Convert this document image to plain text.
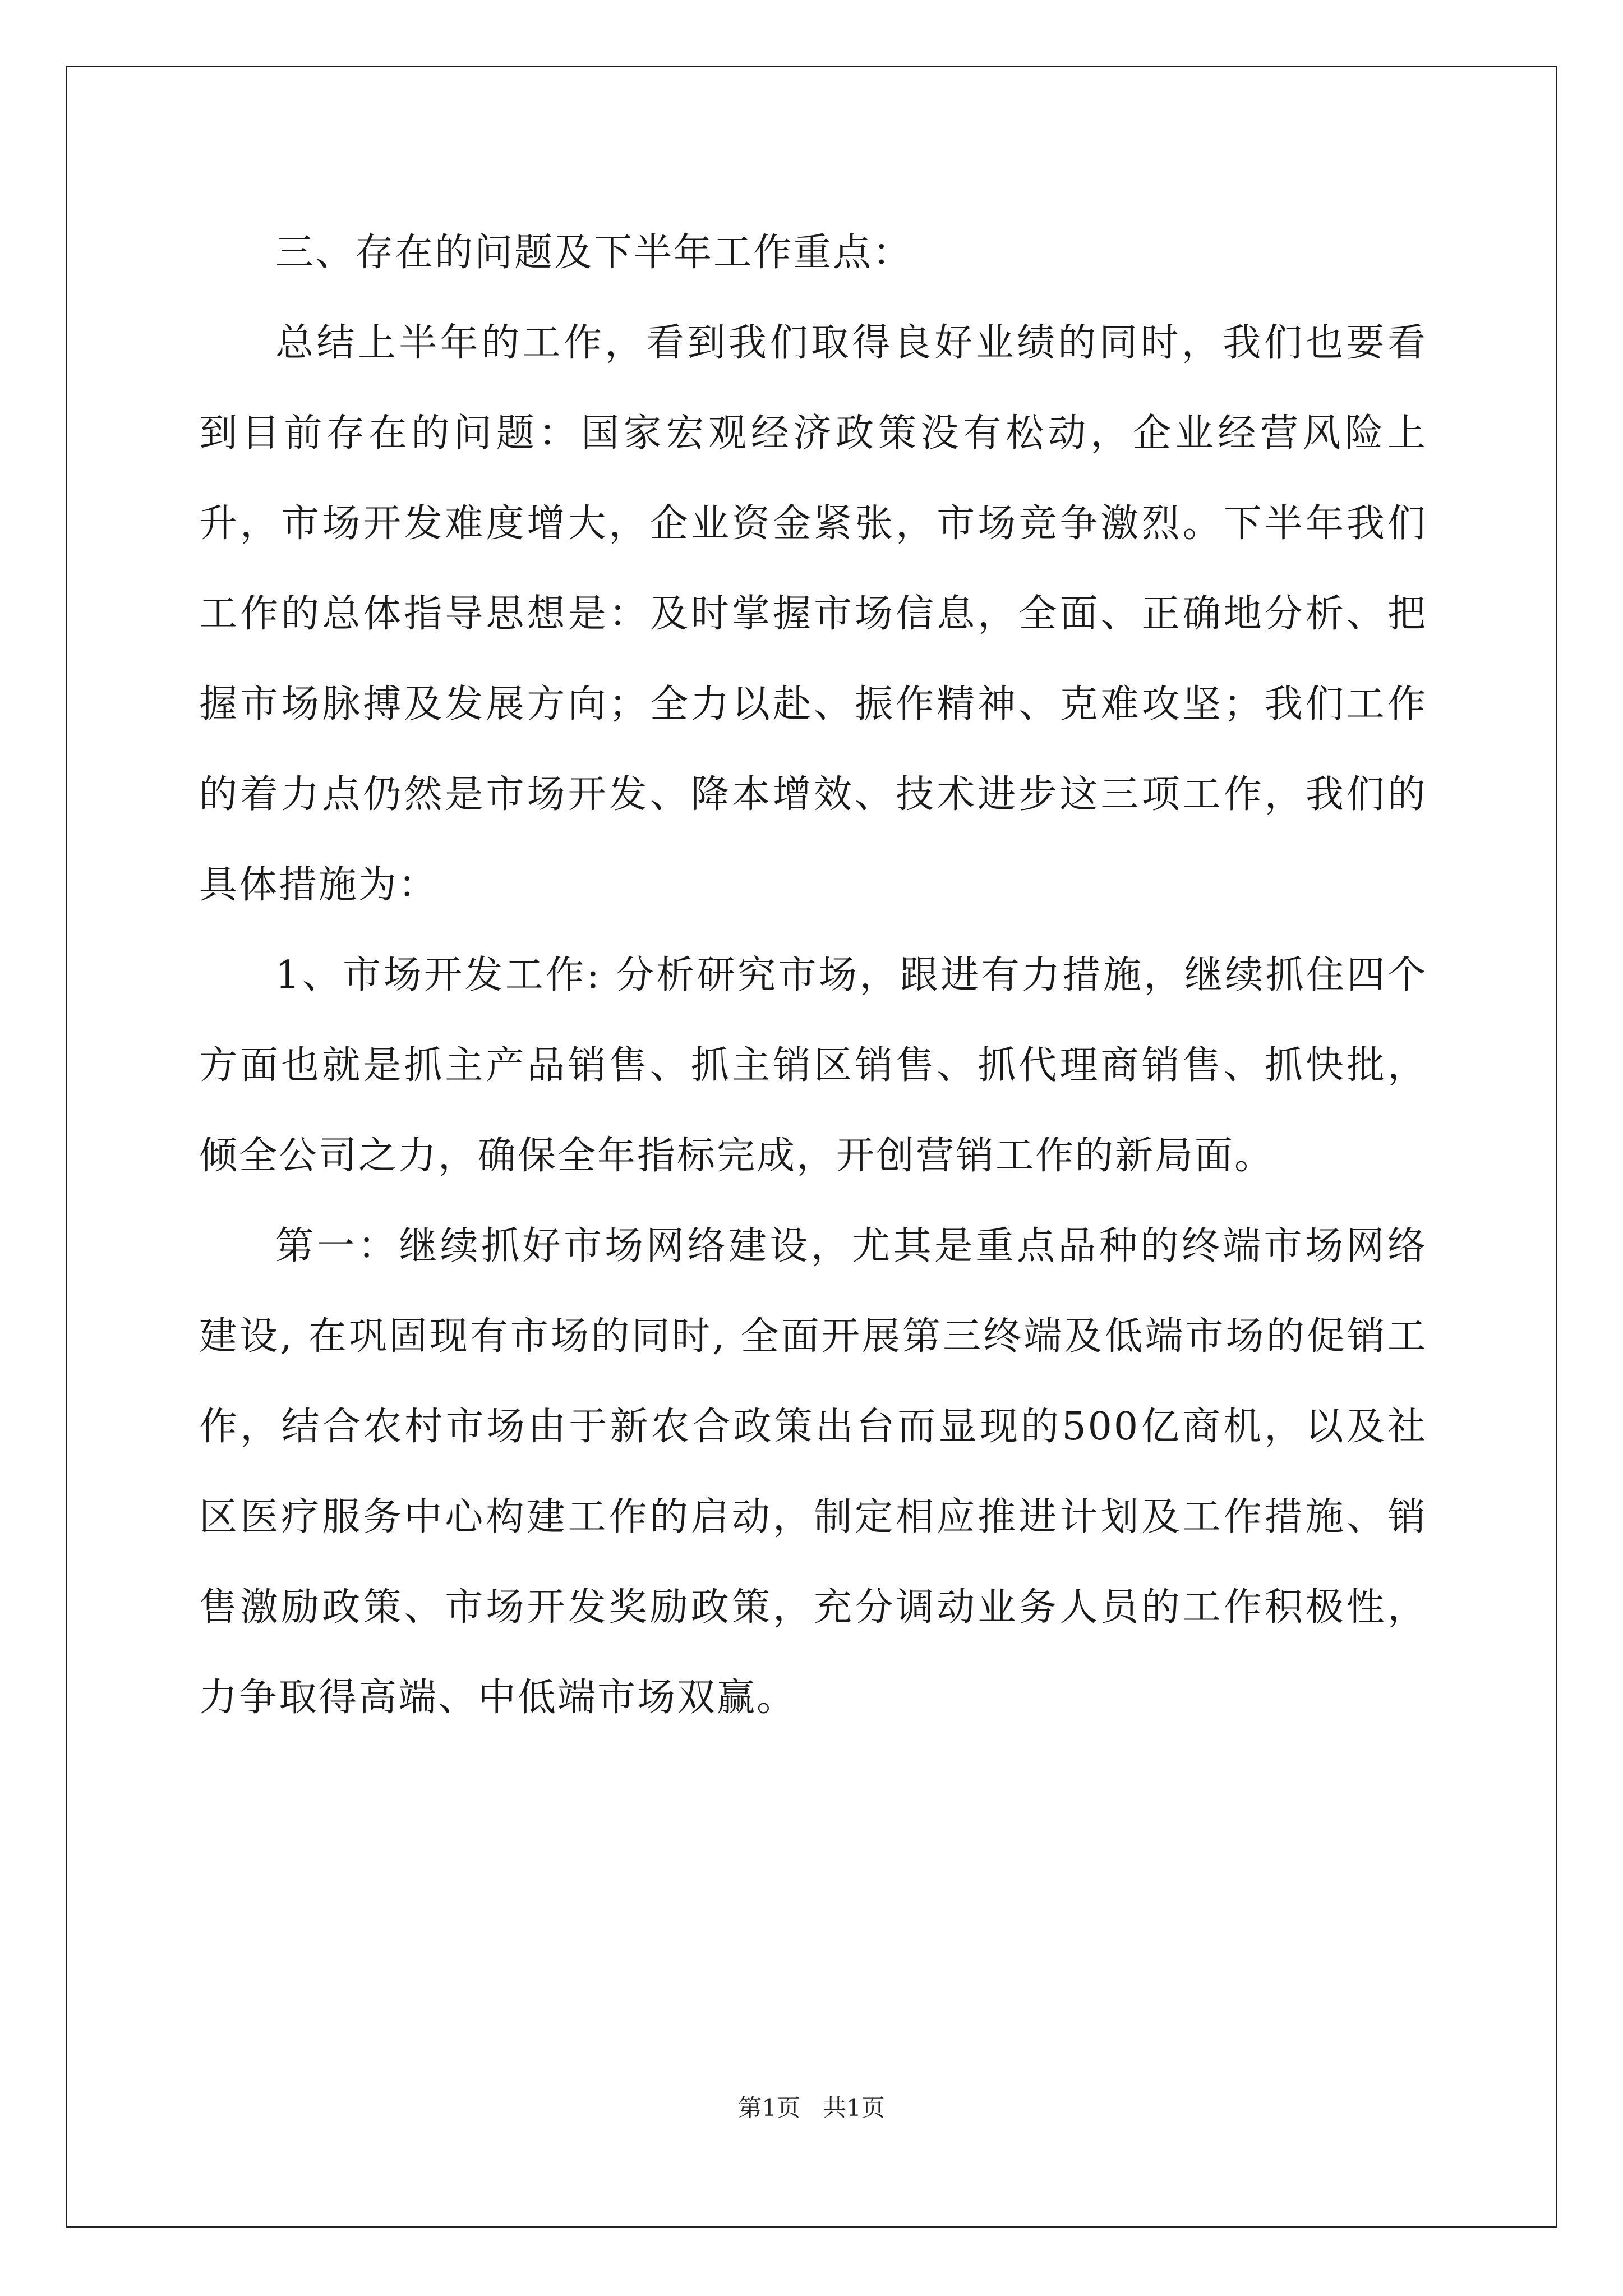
三、存在的问题及下半年工作重点：

总结上半年的工作，看到我们取得良好业绩的同时，我们也要看到目前存在的问题：国家宏观经济政策没有松动，企业经营风险上升，市场开发难度增大，企业资金紧张，市场竞争激烈。下半年我们工作的总体指导思想是：及时掌握市场信息，全面、正确地分析、把握市场脉搏及发展方向；全力以赴、振作精神、克难攻坚；我们工作的着力点仍然是市场开发、降本增效、技术进步这三项工作，我们的具体措施为：

1、市场开发工作: 分析研究市场，跟进有力措施，继续抓住四个方面也就是抓主产品销售、抓主销区销售、抓代理商销售、抓快批，倾全公司之力，确保全年指标完成，开创营销工作的新局面。

第一：继续抓好市场网络建设，尤其是重点品种的终端市场网络建设, 在巩固现有市场的同时, 全面开展第三终端及低端市场的促销工作，结合农村市场由于新农合政策出台而显现的500亿商机，以及社区医疗服务中心构建工作的启动，制定相应推进计划及工作措施、销售激励政策、市场开发奖励政策，充分调动业务人员的工作积极性，力争取得高端、中低端市场双赢。

第1页 共1页
